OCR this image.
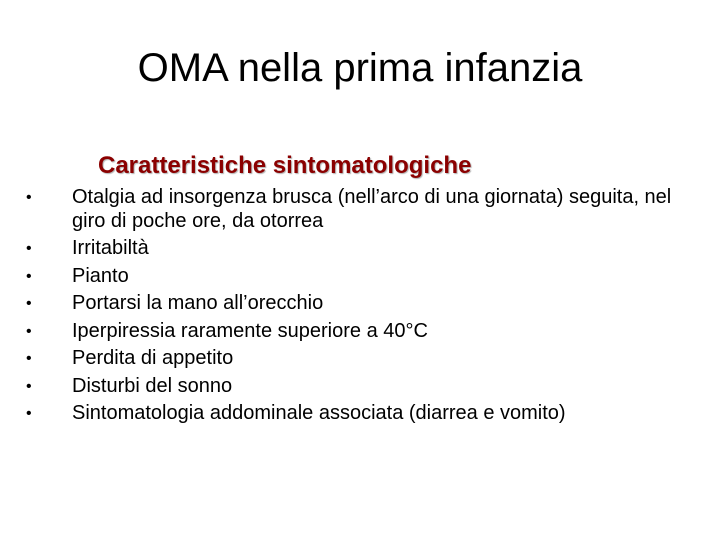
OMA nella prima infanzia

Caratteristiche sintomatologiche

• Otalgia ad insorgenza brusca (nell’arco di una giornata) seguita, nel giro di poche ore, da otorrea
• Irritabiltà
• Pianto
• Portarsi la mano all’orecchio
• Iperpiressia raramente superiore a 40°C
• Perdita di appetito
• Disturbi del sonno
• Sintomatologia addominale associata (diarrea e vomito)
